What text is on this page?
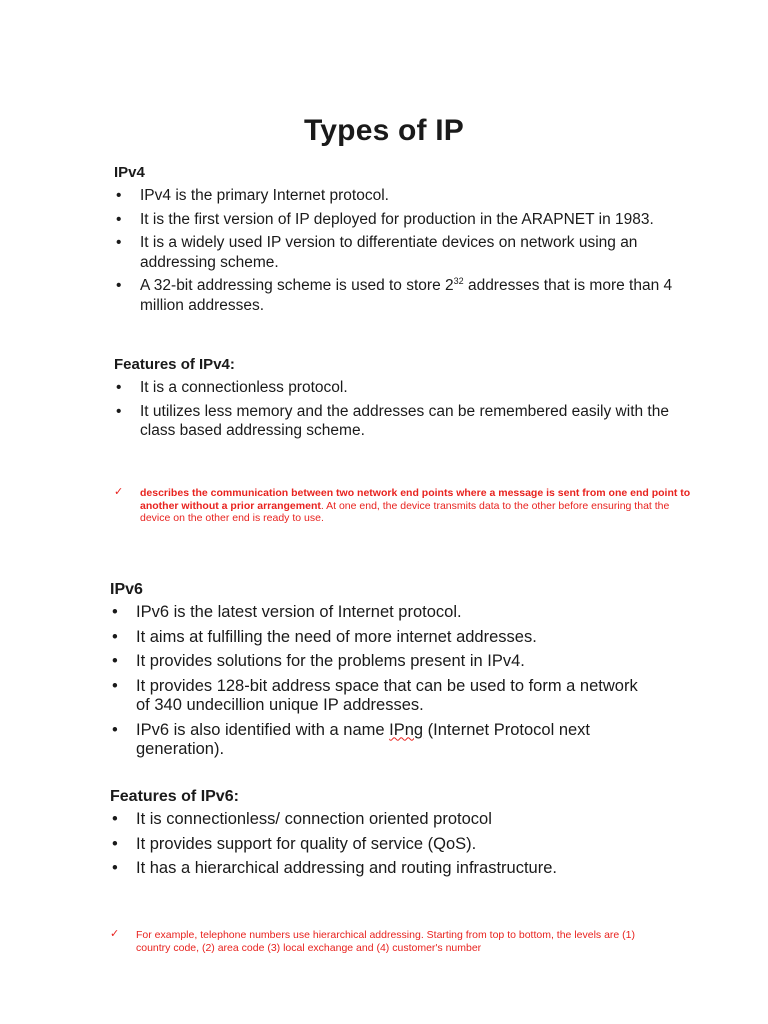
Types of IP
IPv4
• IPv4 is the primary Internet protocol.
• It is the first version of IP deployed for production in the ARAPNET in 1983.
• It is a widely used IP version to differentiate devices on network using an addressing scheme.
• A 32-bit addressing scheme is used to store $2^{32}$ addresses that is more than 4 million addresses.
Features of IPv4:
• It is a connectionless protocol.
• It utilizes less memory and the addresses can be remembered easily with the class based addressing scheme.
✓ describes the communication between two network end points where a message is sent from one end point to another without a prior arrangement. At one end, the device transmits data to the other before ensuring that the device on the other end is ready to use.
IPv6
• IPv6 is the latest version of Internet protocol.
• It aims at fulfilling the need of more internet addresses.
• It provides solutions for the problems present in IPv4.
• It provides 128-bit address space that can be used to form a network of 340 undecillion unique IP addresses.
• IPv6 is also identified with a name IPng (Internet Protocol next generation).
Features of IPv6:
• It is connectionless/ connection oriented protocol
• It provides support for quality of service (QoS).
• It has a hierarchical addressing and routing infrastructure.
✓ For example, telephone numbers use hierarchical addressing. Starting from top to bottom, the levels are (1) country code, (2) area code (3) local exchange and (4) customer's number
